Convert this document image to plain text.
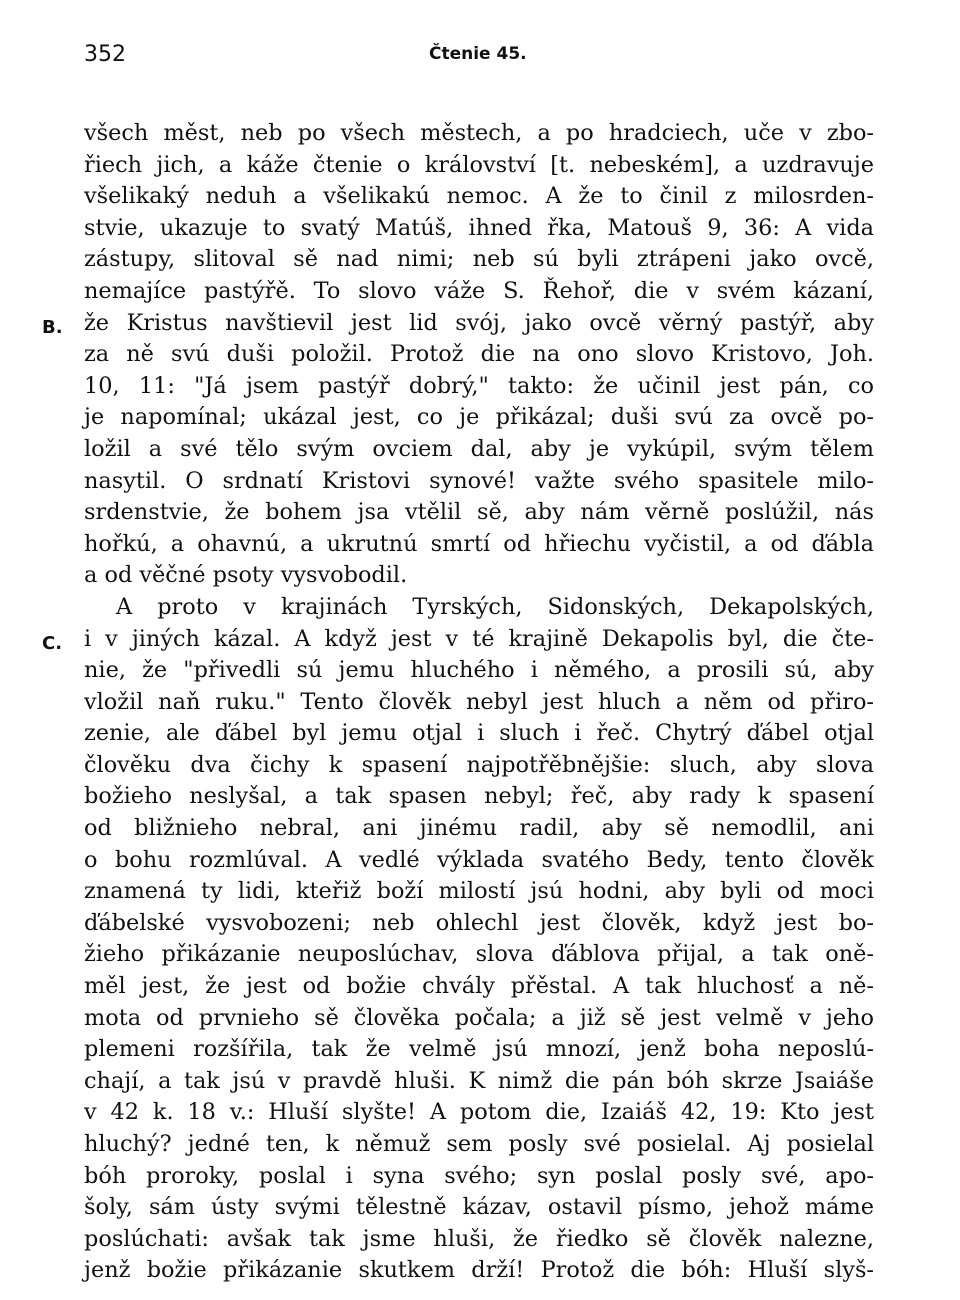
352	Čtenie 45.
B.
C.
všech měst, neb po všech městech, a po hradciech, uče v zbo-
řiech jich, a káže čtenie o království [t. nebeském], a uzdravuje
všelikaký neduh a všelikakú nemoc. A že to činil z milosrden-
stvie, ukazuje to svatý Matúš, ihned řka, Matouš 9, 36: A vida
zástupy, slitoval sě nad nimi; neb sú byli ztrápeni jako ovcě,
nemajíce pastýřě. To slovo váže S. Řehoř, die v svém kázaní,
že Kristus navštievil jest lid svój, jako ovcě věrný pastýř, aby
za ně svú duši položil. Protož die na ono slovo Kristovo, Joh.
10, 11: "Já jsem pastýř dobrý," takto: že učinil jest pán, co
je napomínal; ukázal jest, co je přikázal; duši svú za ovcě po-
ložil a své tělo svým ovciem dal, aby je vykúpil, svým tělem
nasytil. O srdnatí Kristovi synové! važte svého spasitele milo-
srdenstvie, že bohem jsa vtělil sě, aby nám věrně poslúžil, nás
hořkú, a ohavnú, a ukrutnú smrtí od hřiechu vyčistil, a od ďábla
a od věčné psoty vysvobodil.
A proto v krajinách Tyrských, Sidonských, Dekapolských,
i v jiných kázal. A když jest v té krajině Dekapolis byl, die čte-
nie, že "přivedli sú jemu hluchého i němého, a prosili sú, aby
vložil naň ruku." Tento člověk nebyl jest hluch a něm od přiro-
zenie, ale ďábel byl jemu otjal i sluch i řeč. Chytrý ďábel otjal
člověku dva čichy k spasení najpotřěbnějšie: sluch, aby slova
božieho neslyšal, a tak spasen nebyl; řeč, aby rady k spasení
od bližnieho nebral, ani jinému radil, aby sě nemodlil, ani
o bohu rozmlúval. A vedlé výklada svatého Bedy, tento člověk
znamená ty lidi, kteřiž boží milostí jsú hodni, aby byli od moci
ďábelské vysvobozeni; neb ohlechl jest člověk, když jest bo-
žieho přikázanie neuposlúchav, slova ďáblova přijal, a tak oně-
měl jest, že jest od božie chvály přěstal. A tak hluchosť a ně-
mota od prvnieho sě člověka počala; a již sě jest velmě v jeho
plemeni rozšířila, tak že velmě jsú mnozí, jenž boha neposlú-
chají, a tak jsú v pravdě hluši. K nimž die pán bóh skrze Jsaiáše
v 42 k. 18 v.: Hluší slyšte! A potom die, Izaiáš 42, 19: Kto jest
hluchý? jedné ten, k němuž sem posly své posielal. Aj posielal
bóh proroky, poslal i syna svého; syn poslal posly své, apo-
šoly, sám ústy svými tělestně kázav, ostavil písmo, jehož máme
poslúchati: avšak tak jsme hluši, že řiedko sě člověk nalezne,
jenž božie přikázanie skutkem drží! Protož die bóh: Hluší slyš-
